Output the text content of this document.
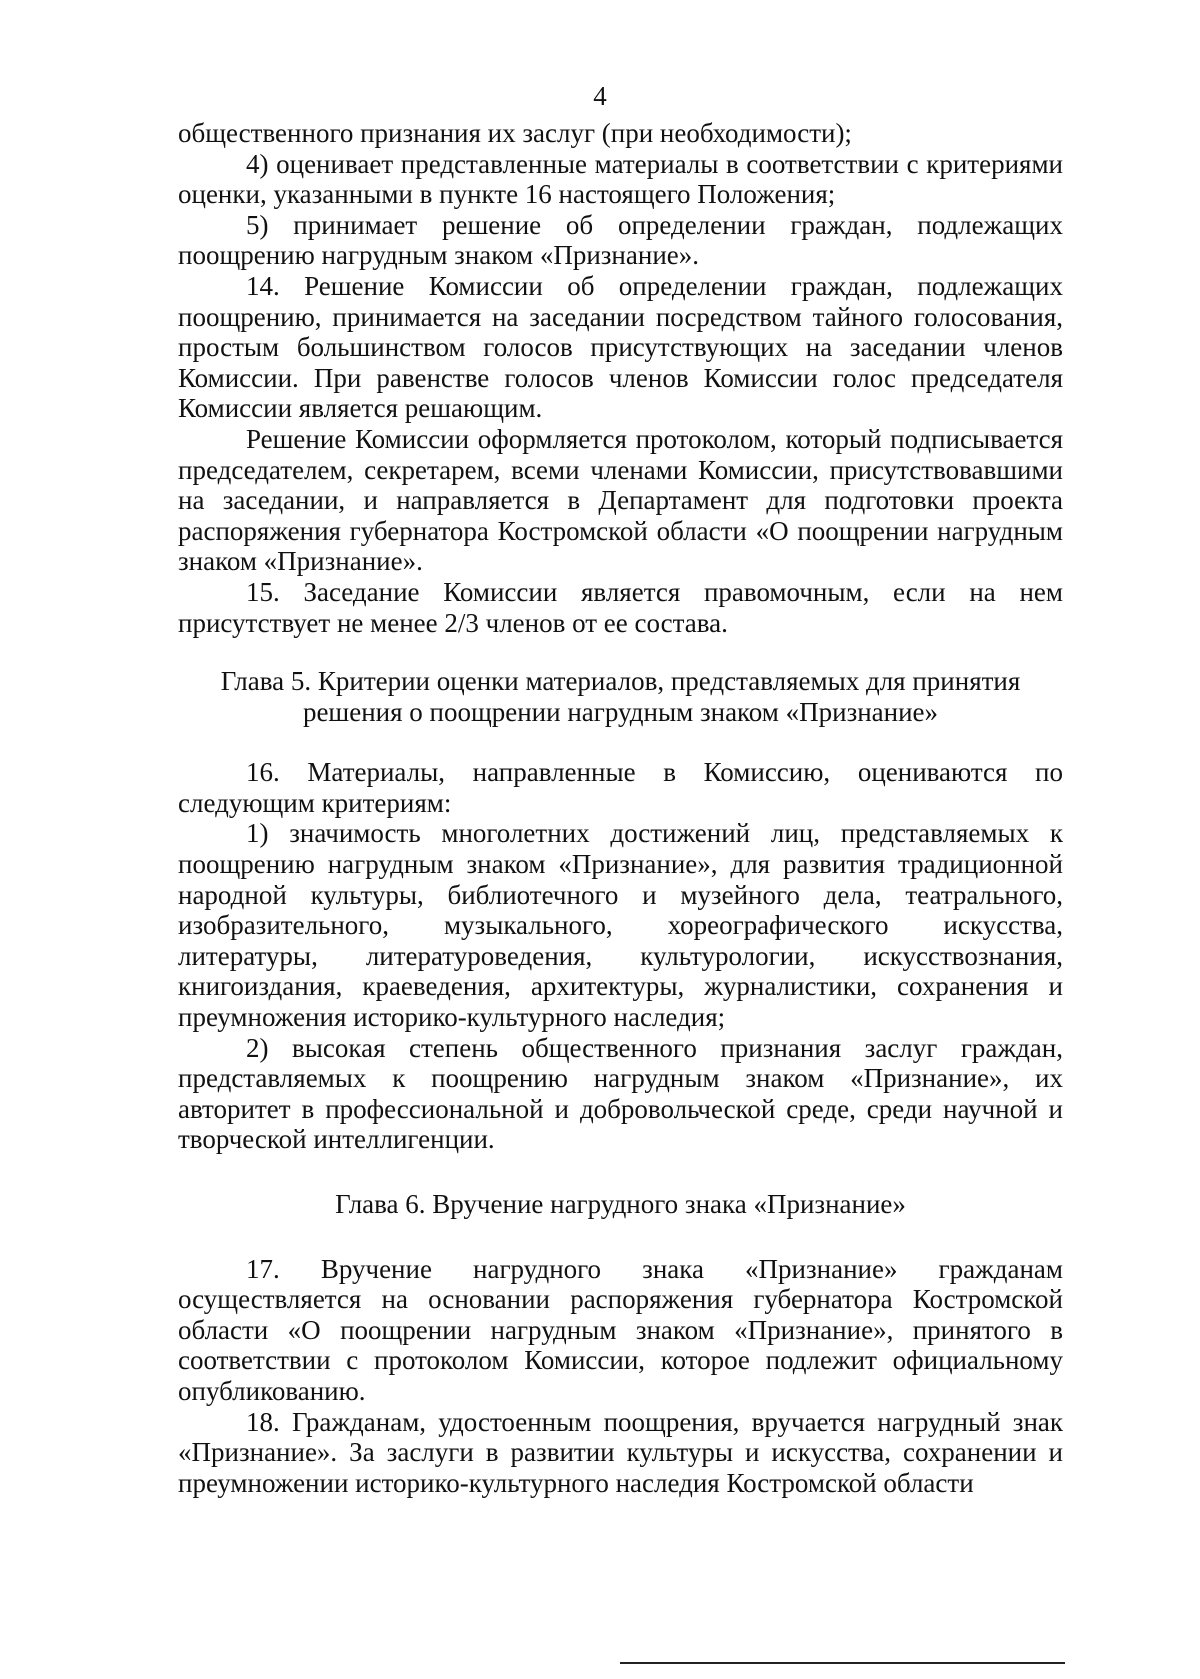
4

общественного признания их заслуг (при необходимости);

4) оценивает представленные материалы в соответствии с критериями оценки, указанными в пункте 16 настоящего Положения;

5) принимает решение об определении граждан, подлежащих поощрению нагрудным знаком «Признание».

14. Решение Комиссии об определении граждан, подлежащих поощрению, принимается на заседании посредством тайного голосования, простым большинством голосов присутствующих на заседании членов Комиссии. При равенстве голосов членов Комиссии голос председателя Комиссии является решающим.

Решение Комиссии оформляется протоколом, который подписывается председателем, секретарем, всеми членами Комиссии, присутствовавшими на заседании, и направляется в Департамент для подготовки проекта распоряжения губернатора Костромской области «О поощрении нагрудным знаком «Признание».

15. Заседание Комиссии является правомочным, если на нем присутствует не менее 2/3 членов от ее состава.

Глава 5. Критерии оценки материалов, представляемых для принятия
решения о поощрении нагрудным знаком «Признание»

16. Материалы, направленные в Комиссию, оцениваются по следующим критериям:

1) значимость многолетних достижений лиц, представляемых к поощрению нагрудным знаком «Признание», для развития традиционной народной культуры, библиотечного и музейного дела, театрального, изобразительного, музыкального, хореографического искусства, литературы, литературоведения, культурологии, искусствознания, книгоиздания, краеведения, архитектуры, журналистики, сохранения и преумножения историко-культурного наследия;

2) высокая степень общественного признания заслуг граждан, представляемых к поощрению нагрудным знаком «Признание», их авторитет в профессиональной и добровольческой среде, среди научной и творческой интеллигенции.

Глава 6. Вручение нагрудного знака «Признание»

17. Вручение нагрудного знака «Признание» гражданам осуществляется на основании распоряжения губернатора Костромской области «О поощрении нагрудным знаком «Признание», принятого в соответствии с протоколом Комиссии, которое подлежит официальному опубликованию.

18. Гражданам, удостоенным поощрения, вручается нагрудный знак «Признание». За заслуги в развитии культуры и искусства, сохранении и преумножении историко-культурного наследия Костромской области
